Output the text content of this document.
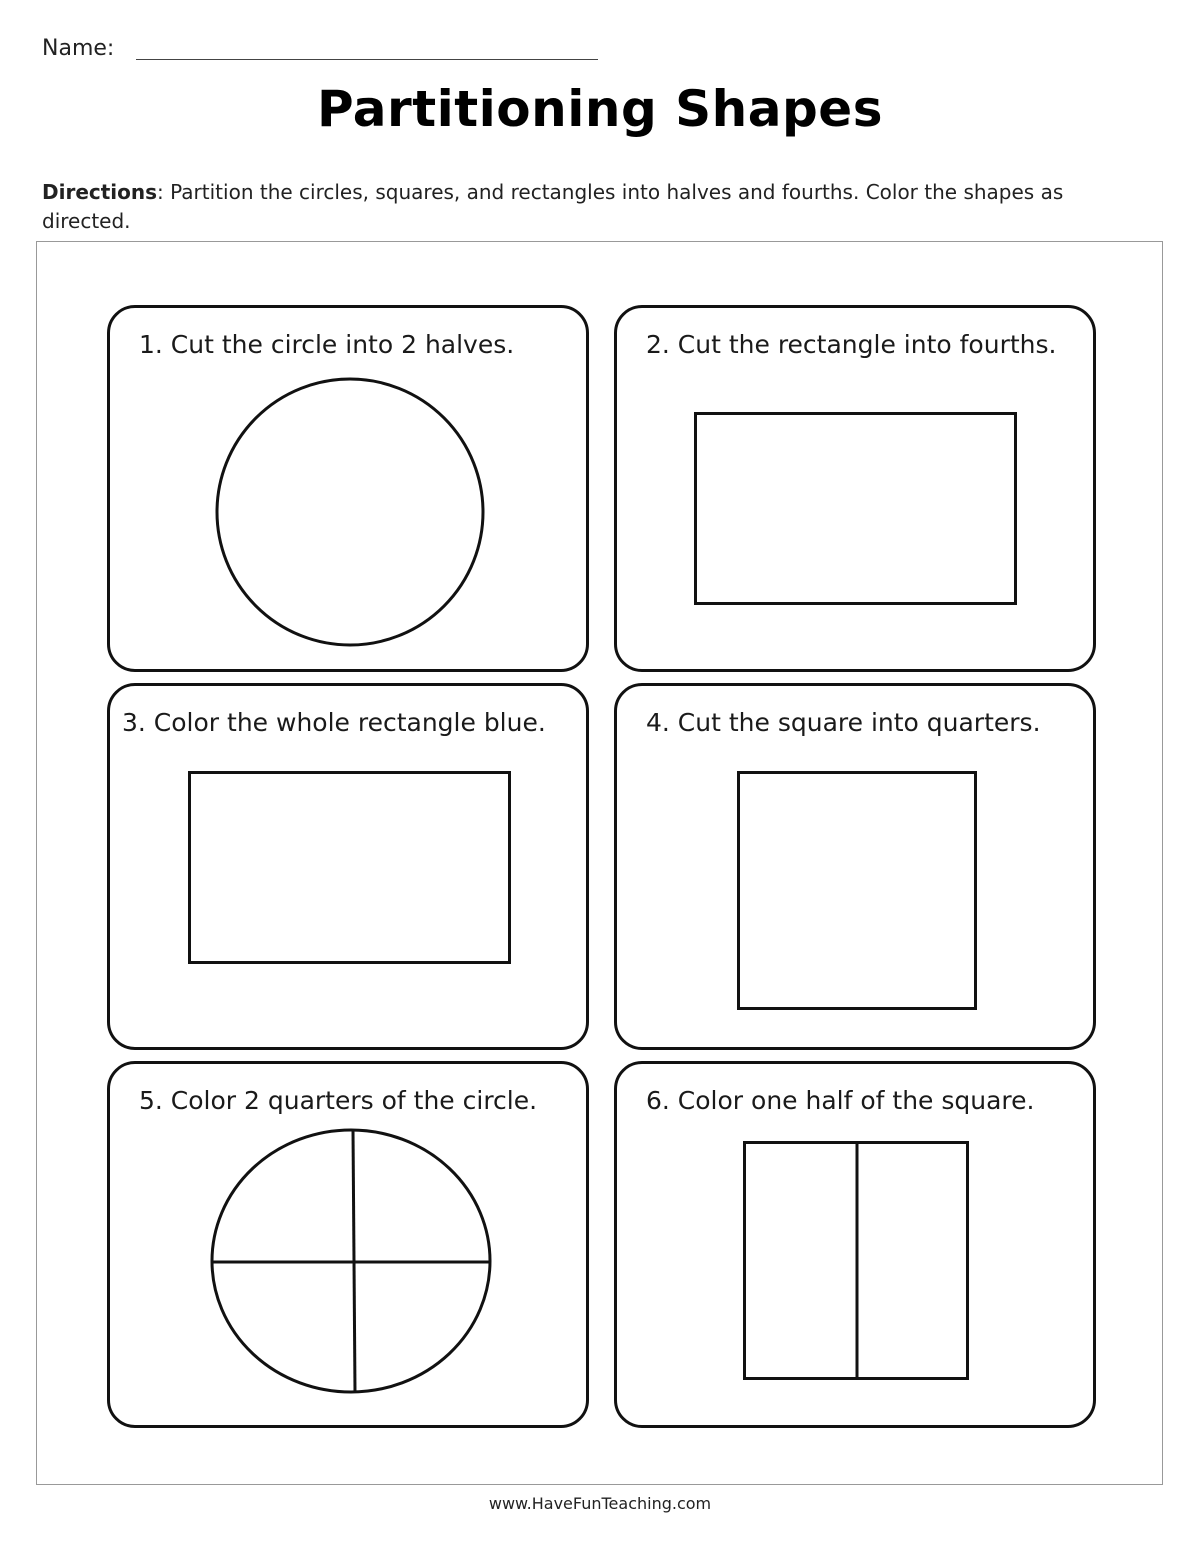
Name:
Partitioning Shapes
Directions: Partition the circles, squares, and rectangles into halves and fourths. Color the shapes as directed.
1. Cut the circle into 2 halves.	2. Cut the rectangle into fourths.
3. Color the whole rectangle blue.	4. Cut the square into quarters.
5. Color 2 quarters of the circle.	6. Color one half of the square.
www.HaveFunTeaching.com
